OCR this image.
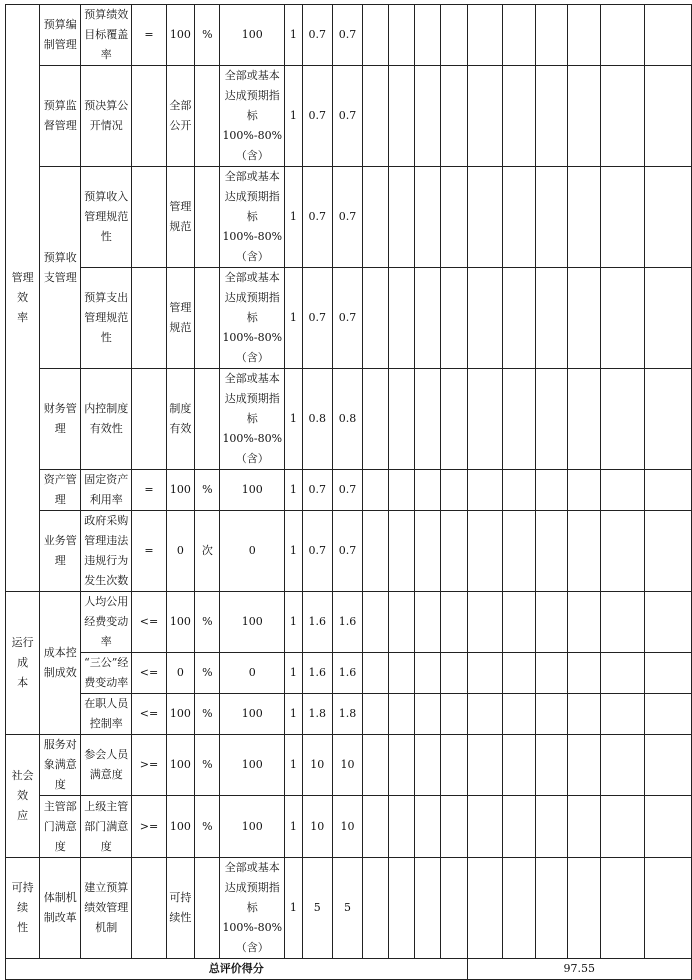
管理效
率	预算编
制管理	预算绩效
目标覆盖
率	=	100	%	100	1	0.7	0.7										

	预算监
督管理	预决算公
开情况		全部
公开		全部或基本
达成预期指
标 100%-80%
（含）	1	0.7	0.7										

	预算收
支管理	预算收入
管理规范
性		管理
规范		全部或基本
达成预期指
标 100%-80%
（含）	1	0.7	0.7										

		预算支出
管理规范
性		管理
规范		全部或基本
达成预期指
标 100%-80%
（含）	1	0.7	0.7										

	财务管
理	内控制度
有效性		制度
有效		全部或基本
达成预期指
标 100%-80%
（含）	1	0.8	0.8										

	资产管
理	固定资产
利用率	=	100	%	100	1	0.7	0.7										

	业务管
理	政府采购
管理违法
违规行为
发生次数	=	0	次	0	1	0.7	0.7										

运行成
本	成本控
制成效	人均公用
经费变动
率	<=	100	%	100	1	1.6	1.6										

		“三公”经
费变动率	<=	0	%	0	1	1.6	1.6										

		在职人员
控制率	<=	100	%	100	1	1.8	1.8										

社会效
应	服务对
象满意
度	参会人员
满意度	>=	100	%	100	1	10	10										

	主管部
门满意
度	上级主管
部门满意
度	>=	100	%	100	1	10	10										

可持续
性	体制机
制改革	建立预算
绩效管理
机制		可持
续性		全部或基本
达成预期指
标 100%-80%
（含）	1	5	5										
总评价得分														97.55					
